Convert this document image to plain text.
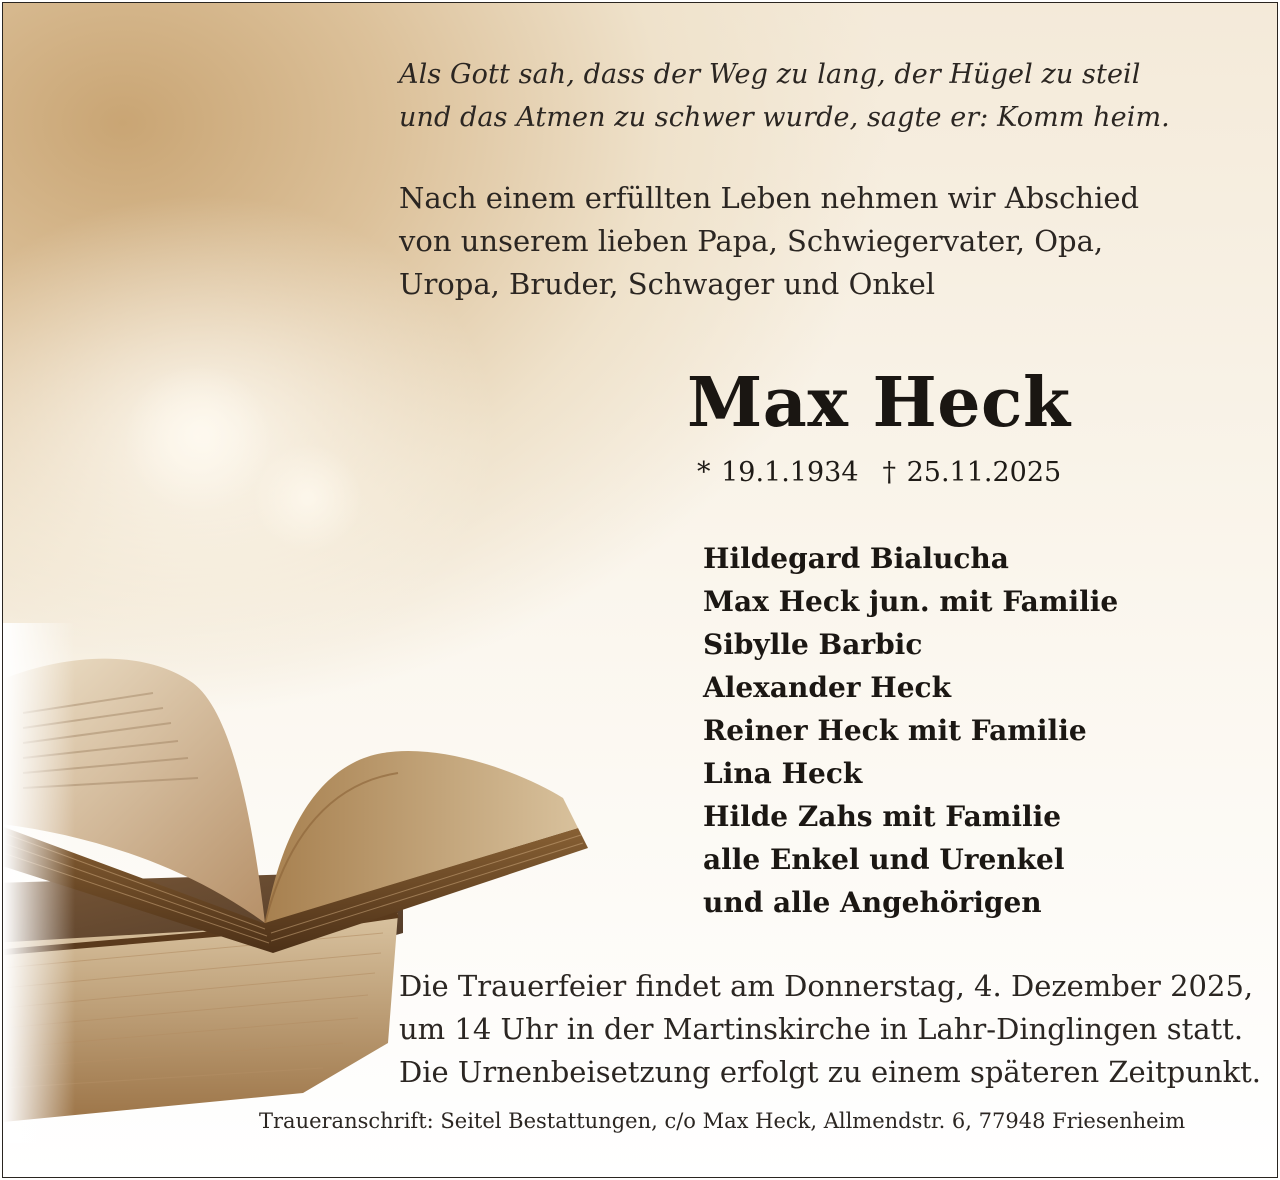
Als Gott sah, dass der Weg zu lang, der Hügel zu steil
und das Atmen zu schwer wurde, sagte er: Komm heim.

Nach einem erfüllten Leben nehmen wir Abschied
von unserem lieben Papa, Schwiegervater, Opa,
Uropa, Bruder, Schwager und Onkel

Max Heck

* 19.1.1934 † 25.11.2025

Hildegard Bialucha
Max Heck jun. mit Familie
Sibylle Barbic
Alexander Heck
Reiner Heck mit Familie
Lina Heck
Hilde Zahs mit Familie
alle Enkel und Urenkel
und alle Angehörigen

Die Trauerfeier findet am Donnerstag, 4. Dezember 2025,
um 14 Uhr in der Martinskirche in Lahr-Dinglingen statt.
Die Urnenbeisetzung erfolgt zu einem späteren Zeitpunkt.

Traueranschrift: Seitel Bestattungen, c/o Max Heck, Allmendstr. 6, 77948 Friesenheim
